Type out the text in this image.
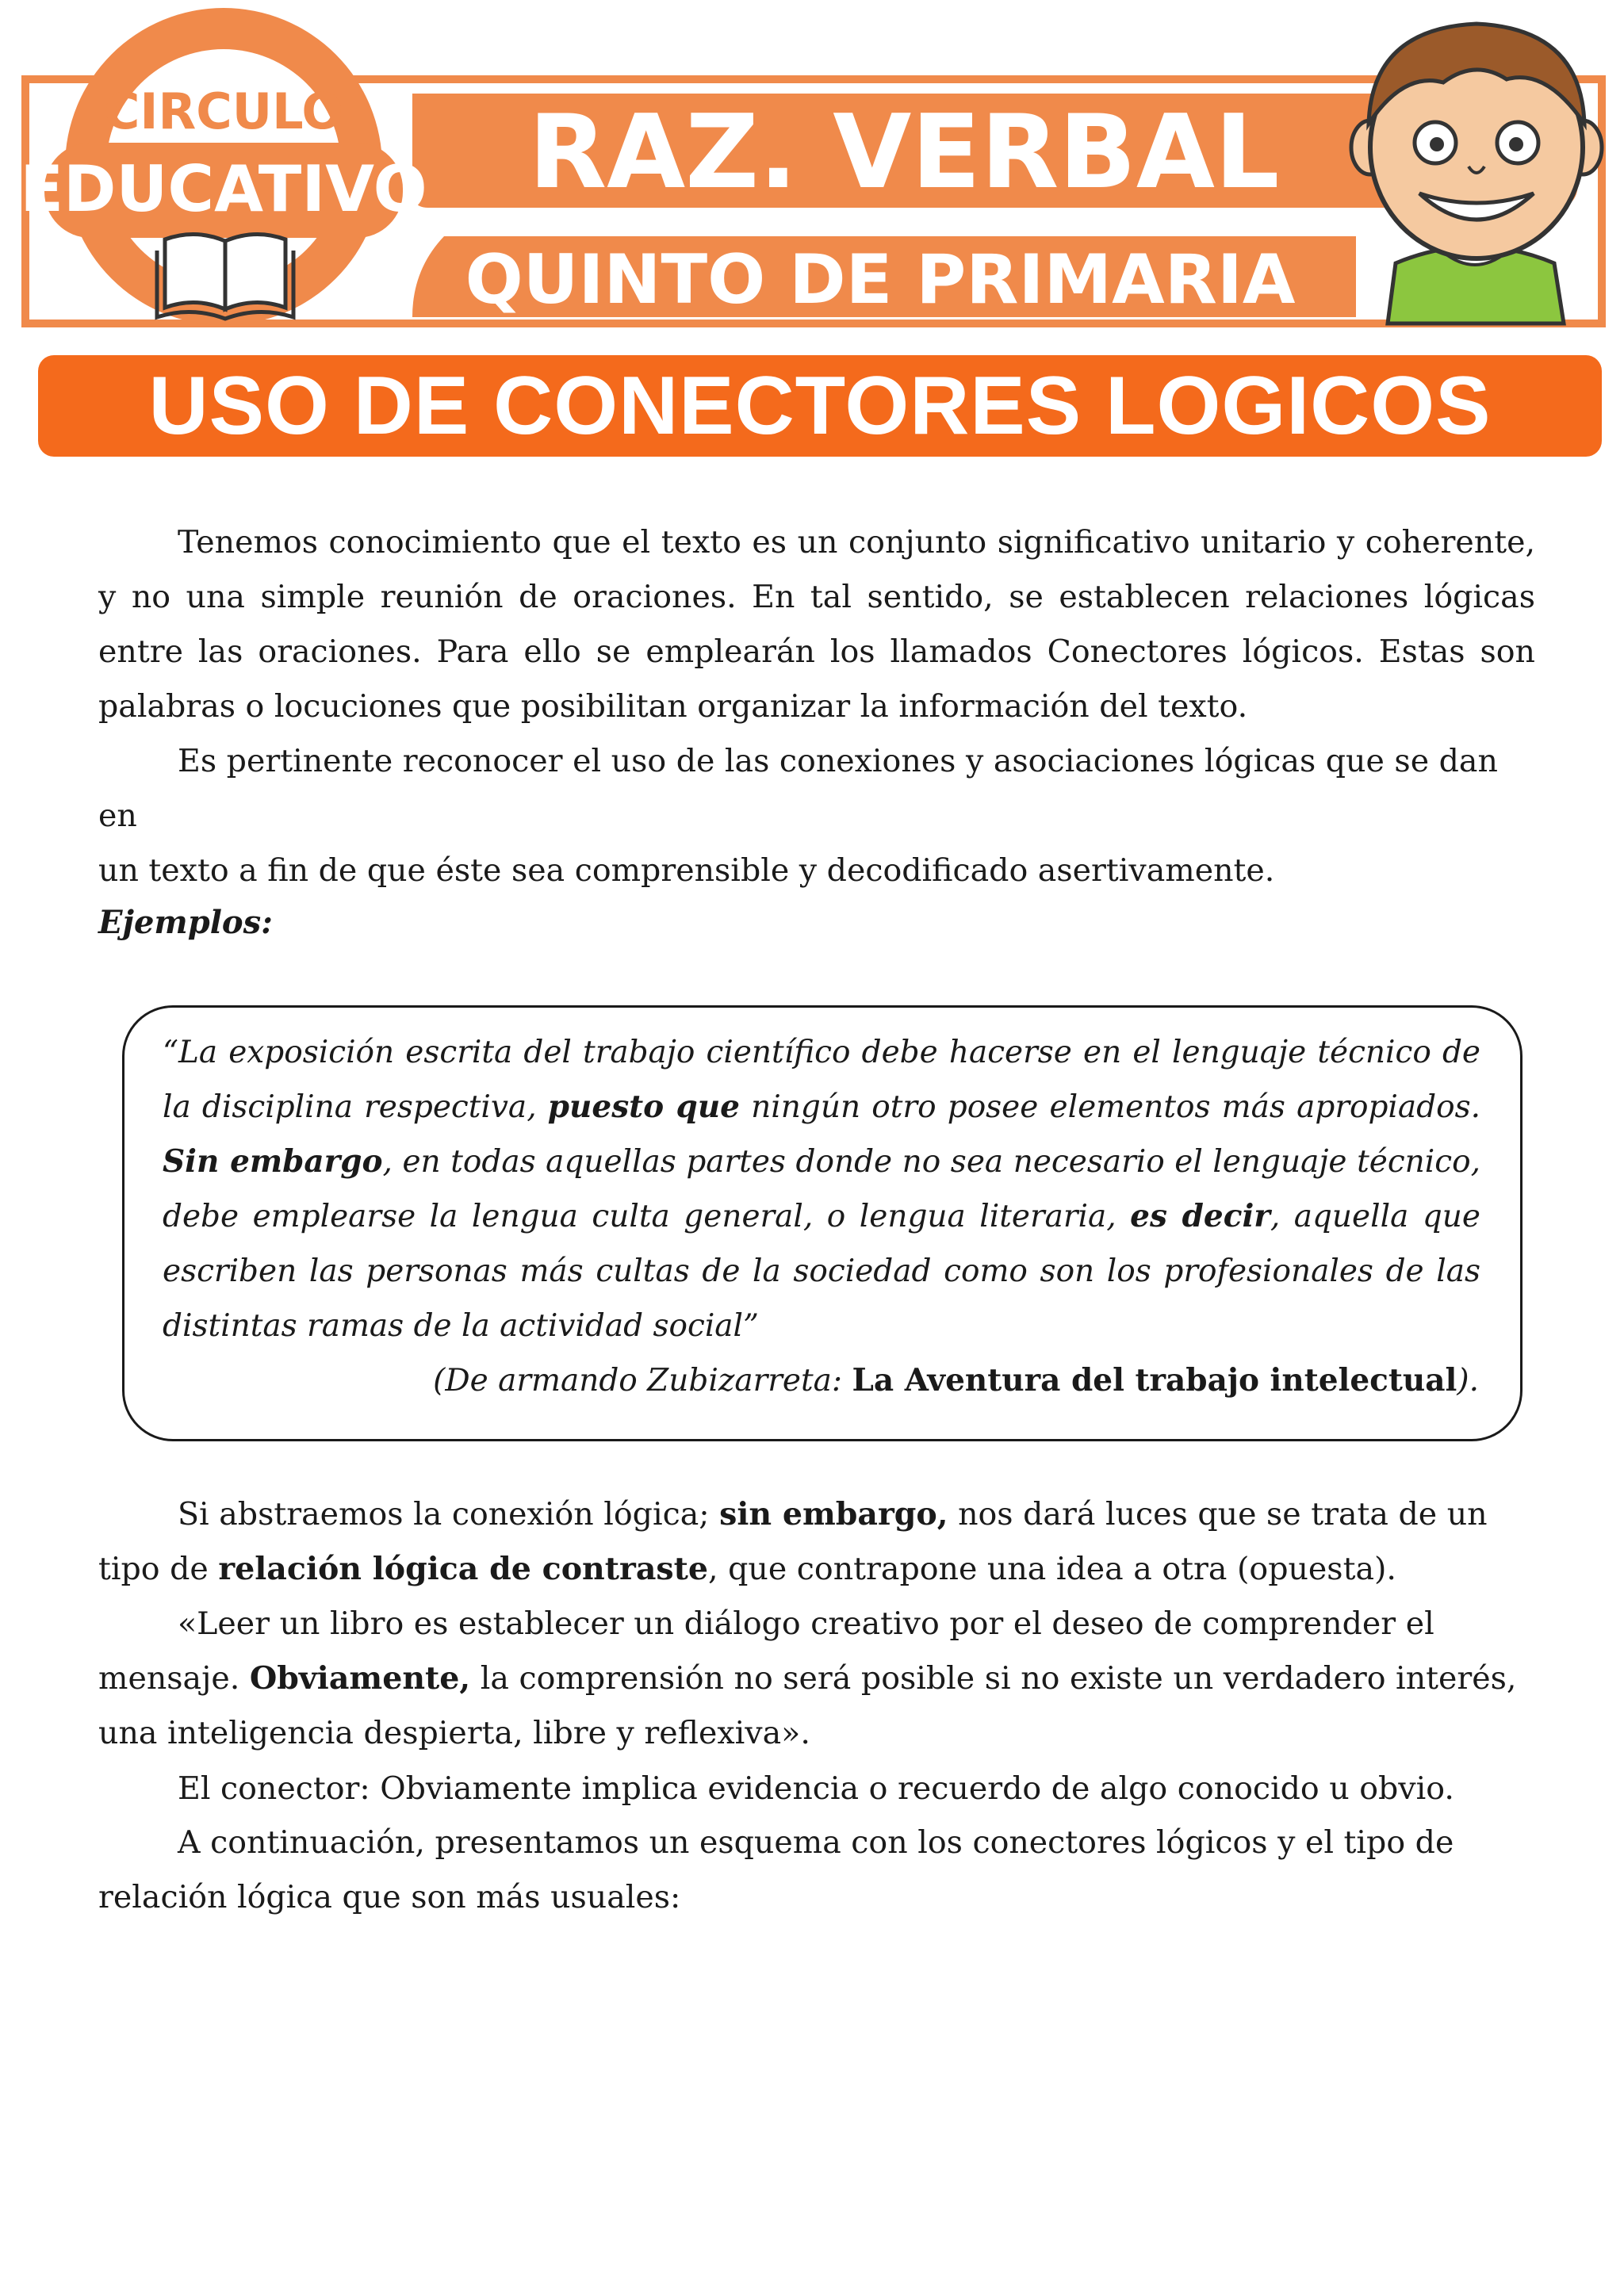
CIRCULO
EDUCATIVO RAZ. VERBAL
QUINTO DE PRIMARIA
USO DE CONECTORES LOGICOS

Tenemos conocimiento que el texto es un conjunto significativo unitario y coherente, y no una simple reunión de oraciones. En tal sentido, se establecen relaciones lógicas entre las oraciones. Para ello se emplearán los llamados Conectores lógicos. Estas son palabras o locuciones que posibilitan organizar la información del texto.

Es pertinente reconocer el uso de las conexiones y asociaciones lógicas que se dan en
un texto a fin de que éste sea comprensible y decodificado asertivamente.

Ejemplos:

“La exposición escrita del trabajo científico debe hacerse en el lenguaje técnico de la disciplina respectiva, puesto que ningún otro posee elementos más apropiados. Sin embargo, en todas aquellas partes donde no sea necesario el lenguaje técnico, debe emplearse la lengua culta general, o lengua literaria, es decir, aquella que escriben las personas más cultas de la sociedad como son los profesionales de las distintas ramas de la actividad social”

(De armando Zubizarreta: La Aventura del trabajo intelectual).

Si abstraemos la conexión lógica; sin embargo, nos dará luces que se trata de un tipo de relación lógica de contraste, que contrapone una idea a otra (opuesta).

«Leer un libro es establecer un diálogo creativo por el deseo de comprender el mensaje. Obviamente, la comprensión no será posible si no existe un verdadero interés, una inteligencia despierta, libre y reflexiva».

El conector: Obviamente implica evidencia o recuerdo de algo conocido u obvio.

A continuación, presentamos un esquema con los conectores lógicos y el tipo de relación lógica que son más usuales:
